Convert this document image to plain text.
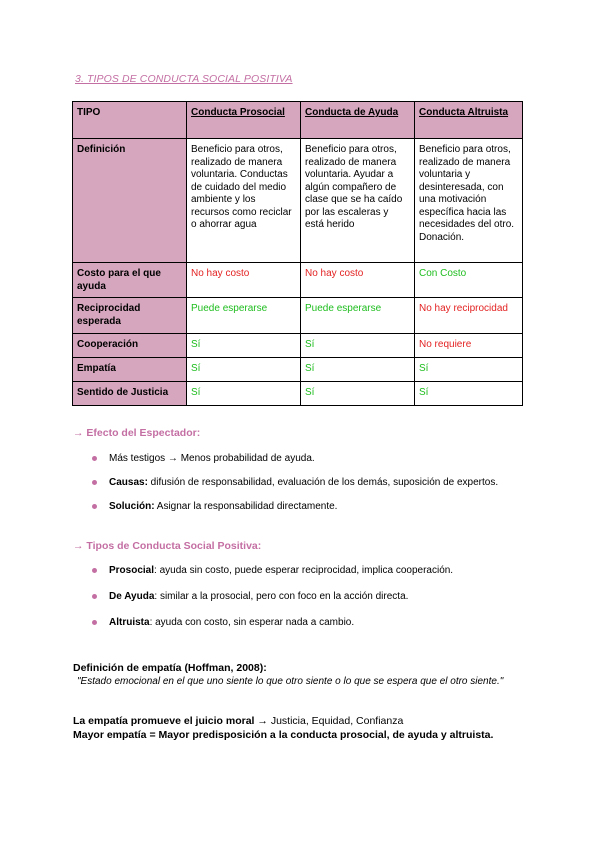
3. TIPOS DE CONDUCTA SOCIAL POSITIVA
TIPO	Conducta Prosocial	Conducta de Ayuda	Conducta Altruista
Definición	Beneficio para otros, realizado de manera voluntaria. Conductas de cuidado del medio ambiente y los recursos como reciclar o ahorrar agua	Beneficio para otros, realizado de manera voluntaria. Ayudar a algún compañero de clase que se ha caído por las escaleras y está herido	Beneficio para otros, realizado de manera voluntaria y desinteresada, con una motivación específica hacia las necesidades del otro. Donación.
Costo para el que ayuda	No hay costo	No hay costo	Con Costo
Reciprocidad esperada	Puede esperarse	Puede esperarse	No hay reciprocidad
Cooperación	Sí	Sí	No requiere
Empatía	Sí	Sí	Sí
Sentido de Justicia	Sí	Sí	Sí
→ Efecto del Espectador:
Más testigos → Menos probabilidad de ayuda.
Causas: difusión de responsabilidad, evaluación de los demás, suposición de expertos.
Solución: Asignar la responsabilidad directamente.
→ Tipos de Conducta Social Positiva:
Prosocial: ayuda sin costo, puede esperar reciprocidad, implica cooperación.
De Ayuda: similar a la prosocial, pero con foco en la acción directa.
Altruista: ayuda con costo, sin esperar nada a cambio.
Definición de empatía (Hoffman, 2008):
"Estado emocional en el que uno siente lo que otro siente o lo que se espera que el otro siente."
La empatía promueve el juicio moral → Justicia, Equidad, Confianza
Mayor empatía = Mayor predisposición a la conducta prosocial, de ayuda y altruista.
